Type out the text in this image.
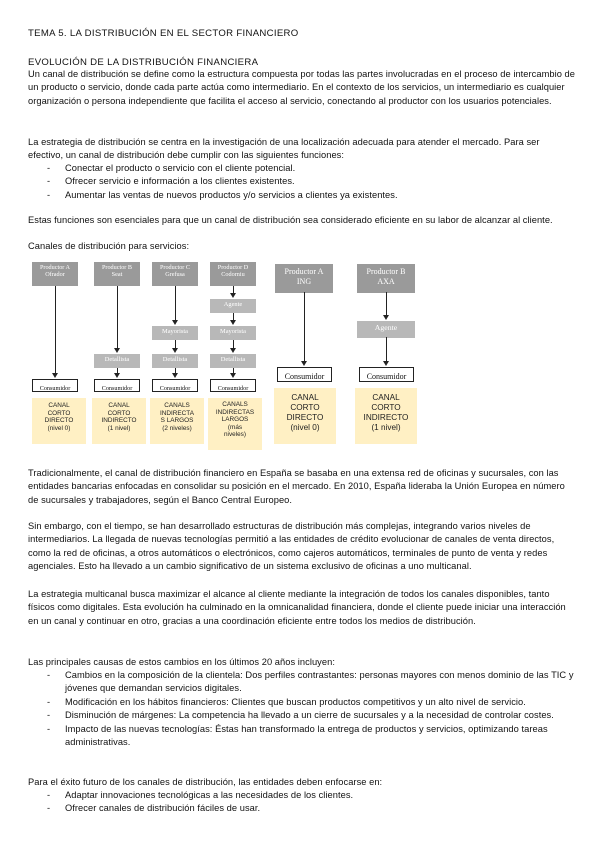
TEMA 5. LA DISTRIBUCIÓN EN EL SECTOR FINANCIERO

EVOLUCIÓN DE LA DISTRIBUCIÓN FINANCIERA

Un canal de distribución se define como la estructura compuesta por todas las partes involucradas en el proceso de intercambio de un producto o servicio, donde cada parte actúa como intermediario. En el contexto de los servicios, un intermediario es cualquier organización o persona independiente que facilita el acceso al servicio, conectando al productor con los usuarios potenciales.

La estrategia de distribución se centra en la investigación de una localización adecuada para atender el mercado. Para ser efectivo, un canal de distribución debe cumplir con las siguientes funciones:

- Conectar el producto o servicio con el cliente potencial.
- Ofrecer servicio e información a los clientes existentes.
- Aumentar las ventas de nuevos productos y/o servicios a clientes ya existentes.

Estas funciones son esenciales para que un canal de distribución sea considerado eficiente en su labor de alcanzar al cliente.

Canales de distribución para servicios:

Productor A
Ofrador
Consumidor
CANAL
CORTO
DIRECTO
(nivel 0)
Productor B
Seat
Detallista
Consumidor
CANAL
CORTO
INDIRECTO
(1 nivel)
Productor C
Grefusa
Mayorista
Detallista
Consumidor
CANALS
INDIRECTA
S LARGOS
(2 niveles)
Productor D
Codorniu
Agente
Mayorista
Detallista
Consumidor
CANALS
INDIRECTAS
LARGOS
(más
niveles)
Productor A
ING
Consumidor
CANAL
CORTO
DIRECTO
(nivel 0)
Productor B
AXA
Agente
Consumidor
CANAL
CORTO
INDIRECTO
(1 nivel)

Tradicionalmente, el canal de distribución financiero en España se basaba en una extensa red de oficinas y sucursales, con las entidades bancarias enfocadas en consolidar su posición en el mercado. En 2010, España lideraba la Unión Europea en número de sucursales y trabajadores, según el Banco Central Europeo.

Sin embargo, con el tiempo, se han desarrollado estructuras de distribución más complejas, integrando varios niveles de intermediarios. La llegada de nuevas tecnologías permitió a las entidades de crédito evolucionar de canales de venta directos, como la red de oficinas, a otros automáticos o electrónicos, como cajeros automáticos, terminales de punto de venta y redes agenciales. Esto ha llevado a un cambio significativo de un sistema exclusivo de oficinas a uno multicanal.

La estrategia multicanal busca maximizar el alcance al cliente mediante la integración de todos los canales disponibles, tanto físicos como digitales. Esta evolución ha culminado en la omnicanalidad financiera, donde el cliente puede iniciar una interacción en un canal y continuar en otro, gracias a una coordinación eficiente entre todos los medios de distribución.

Las principales causas de estos cambios en los últimos 20 años incluyen:

- Cambios en la composición de la clientela: Dos perfiles contrastantes: personas mayores con menos dominio de las TIC y jóvenes que demandan servicios digitales.
- Modificación en los hábitos financieros: Clientes que buscan productos competitivos y un alto nivel de servicio.
- Disminución de márgenes: La competencia ha llevado a un cierre de sucursales y a la necesidad de controlar costes.
- Impacto de las nuevas tecnologías: Éstas han transformado la entrega de productos y servicios, optimizando tareas administrativas.

Para el éxito futuro de los canales de distribución, las entidades deben enfocarse en:

- Adaptar innovaciones tecnológicas a las necesidades de los clientes.
- Ofrecer canales de distribución fáciles de usar.
